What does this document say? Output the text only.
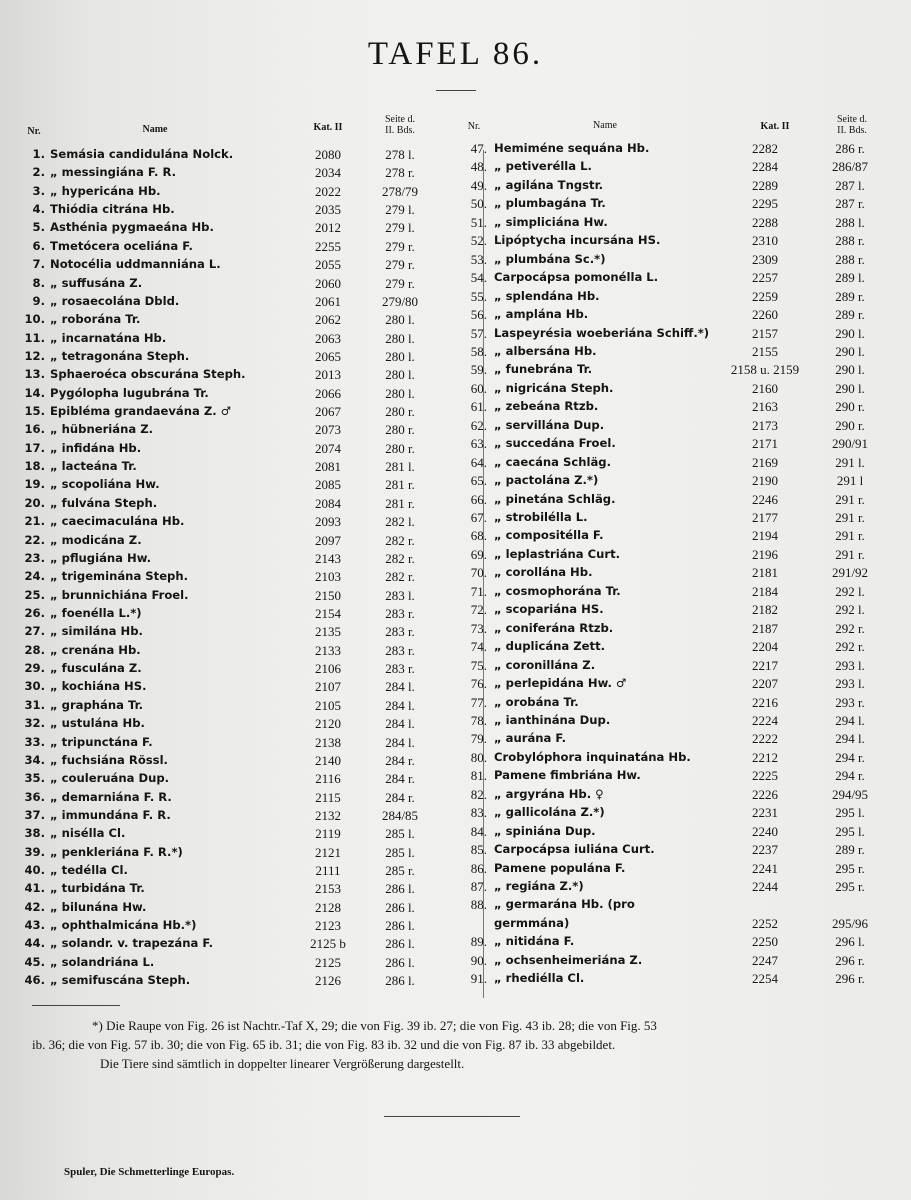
TAFEL 86.
Nr.	Name	Kat. II
Seite d.
II. Bds.	Nr.	Name	Kat. II
Seite d.
II. Bds.
1. Semásia candidulána Nolck.	2080	278 l.
2. „ messingiána F. R.	2034	278 r.
3. „ hypericána Hb.	2022	278/79
4. Thiódia citrána Hb.	2035	279 l.
5. Asthénia pygmaeána Hb.	2012	279 l.
6. Tmetócera oceliána F.	2255	279 r.
7. Notocélia uddmanniána L.	2055	279 r.
8. „ suffusána Z.	2060	279 r.
9. „ rosaecolána Dbld.	2061	279/80
10. „ roborána Tr.	2062	280 l.
11. „ incarnatána Hb.	2063	280 l.
12. „ tetragonána Steph.	2065	280 l.
13. Sphaeroéca obscurána Steph.	2013	280 l.
14. Pygólopha lugubrána Tr.	2066	280 l.
15. Epibléma grandaevána Z. ♂	2067	280 r.
16. „ hübneriána Z.	2073	280 r.
17. „ infidána Hb.	2074	280 r.
18. „ lacteána Tr.	2081	281 l.
19. „ scopoliána Hw.	2085	281 r.
20. „ fulvána Steph.	2084	281 r.
21. „ caecimaculána Hb.	2093	282 l.
22. „ modicána Z.	2097	282 r.
23. „ pflugiána Hw.	2143	282 r.
24. „ trigeminána Steph.	2103	282 r.
25. „ brunnichiána Froel.	2150	283 l.
26. „ foenélla L.*)	2154	283 r.
27. „ similána Hb.	2135	283 r.
28. „ crenána Hb.	2133	283 r.
29. „ fusculána Z.	2106	283 r.
30. „ kochiána HS.	2107	284 l.
31. „ graphána Tr.	2105	284 l.
32. „ ustulána Hb.	2120	284 l.
33. „ tripunctána F.	2138	284 l.
34. „ fuchsiána Rössl.	2140	284 r.
35. „ couleruána Dup.	2116	284 r.
36. „ demarniána F. R.	2115	284 r.
37. „ immundána F. R.	2132	284/85
38. „ nisélla Cl.	2119	285 l.
39. „ penkleriána F. R.*)	2121	285 l.
40. „ tedélla Cl.	2111	285 r.
41. „ turbidána Tr.	2153	286 l.
42. „ bilunána Hw.	2128	286 l.
43. „ ophthalmicána Hb.*)	2123	286 l.
44. „ solandr. v. trapezána F.	2125 b	286 l.
45. „ solandriána L.	2125	286 l.
46. „ semifuscána Steph.	2126	286 l.
47. Hemiméne sequána Hb.	2282	286 r.
48. „ petiverélla L.	2284	286/87
49. „ agilána Tngstr.	2289	287 l.
50. „ plumbagána Tr.	2295	287 r.
51. „ simpliciána Hw.	2288	288 l.
52. Lipóptycha incursána HS.	2310	288 r.
53. „ plumbána Sc.*)	2309	288 r.
54. Carpocápsa pomonélla L.	2257	289 l.
55. „ splendána Hb.	2259	289 r.
56. „ amplána Hb.	2260	289 r.
57. Laspeyrésia woeberiána Schiff.*)	2157	290 l.
58. „ albersána Hb.	2155	290 l.
59. „ funebrána Tr.	2158 u. 2159	290 l.
60. „ nigricána Steph.	2160	290 l.
61. „ zebeána Rtzb.	2163	290 r.
62. „ servillána Dup.	2173	290 r.
63. „ succedána Froel.	2171	290/91
64. „ caecána Schläg.	2169	291 l.
65. „ pactolána Z.*)	2190	291 l
66. „ pinetána Schläg.	2246	291 r.
67. „ strobilélla L.	2177	291 r.
68. „ compositélla F.	2194	291 r.
69. „ leplastriána Curt.	2196	291 r.
70. „ corollána Hb.	2181	291/92
71. „ cosmophorána Tr.	2184	292 l.
72. „ scopariána HS.	2182	292 l.
73. „ coniferána Rtzb.	2187	292 r.
74. „ duplicána Zett.	2204	292 r.
75. „ coronillána Z.	2217	293 l.
76. „ perlepidána Hw. ♂	2207	293 l.
77. „ orobána Tr.	2216	293 r.
78. „ ianthinána Dup.	2224	294 l.
79. „ aurána F.	2222	294 l.
80. Crobylóphora inquinatána Hb.	2212	294 r.
81. Pamene fimbriána Hw.	2225	294 r.
82. „ argyrána Hb. ♀	2226	294/95
83. „ gallicolána Z.*)	2231	295 l.
84. „ spiniána Dup.	2240	295 l.
85. Carpocápsa iuliána Curt.	2237	289 r.
86. Pamene populána F.	2241	295 r.
87. „ regiána Z.*)	2244	295 r.
88. „ germarána Hb. (pro
germmána)	2252	295/96
89. „ nitidána F.	2250	296 l.
90. „ ochsenheimeriána Z.	2247	296 r.
91. „ rhediélla Cl.	2254	296 r.
*) Die Raupe von Fig. 26 ist Nachtr.-Taf X, 29; die von Fig. 39 ib. 27; die von Fig. 43 ib. 28; die von Fig. 53
ib. 36; die von Fig. 57 ib. 30; die von Fig. 65 ib. 31; die von Fig. 83 ib. 32 und die von Fig. 87 ib. 33 abgebildet.
Die Tiere sind sämtlich in doppelter linearer Vergrößerung dargestellt.
Spuler, Die Schmetterlinge Europas.
